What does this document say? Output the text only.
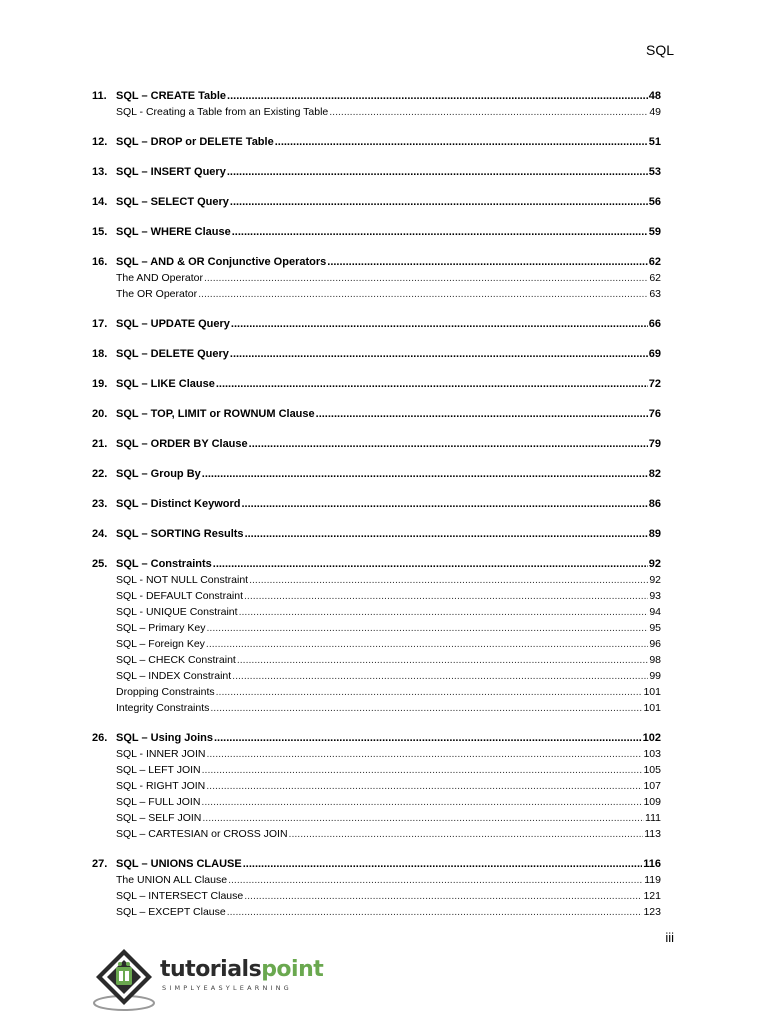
SQL
11. SQL – CREATE Table .....	48
SQL - Creating a Table from an Existing Table .....	49
12. SQL – DROP or DELETE Table .....	51
13. SQL – INSERT Query .....	53
14. SQL – SELECT Query .....	56
15. SQL – WHERE Clause .....	59
16. SQL – AND & OR Conjunctive Operators .....	62
The AND Operator .....	62
The OR Operator .....	63
17. SQL – UPDATE Query .....	66
18. SQL – DELETE Query .....	69
19. SQL – LIKE Clause .....	72
20. SQL – TOP, LIMIT or ROWNUM Clause .....	76
21. SQL – ORDER BY Clause .....	79
22. SQL – Group By .....	82
23. SQL – Distinct Keyword .....	86
24. SQL – SORTING Results .....	89
25. SQL – Constraints .....	92
SQL - NOT NULL Constraint .....	92
SQL - DEFAULT Constraint .....	93
SQL - UNIQUE Constraint .....	94
SQL – Primary Key .....	95
SQL – Foreign Key .....	96
SQL – CHECK Constraint .....	98
SQL – INDEX Constraint .....	99
Dropping Constraints .....	101
Integrity Constraints .....	101
26. SQL – Using Joins .....	102
SQL - INNER JOIN .....	103
SQL – LEFT JOIN .....	105
SQL - RIGHT JOIN .....	107
SQL – FULL JOIN .....	109
SQL – SELF JOIN .....	111
SQL – CARTESIAN or CROSS JOIN .....	113
27. SQL – UNIONS CLAUSE .....	116
The UNION ALL Clause .....	119
SQL – INTERSECT Clause .....	121
SQL – EXCEPT Clause .....	123
iii
tutorialspoint
SIMPLYEASYLEARNING
